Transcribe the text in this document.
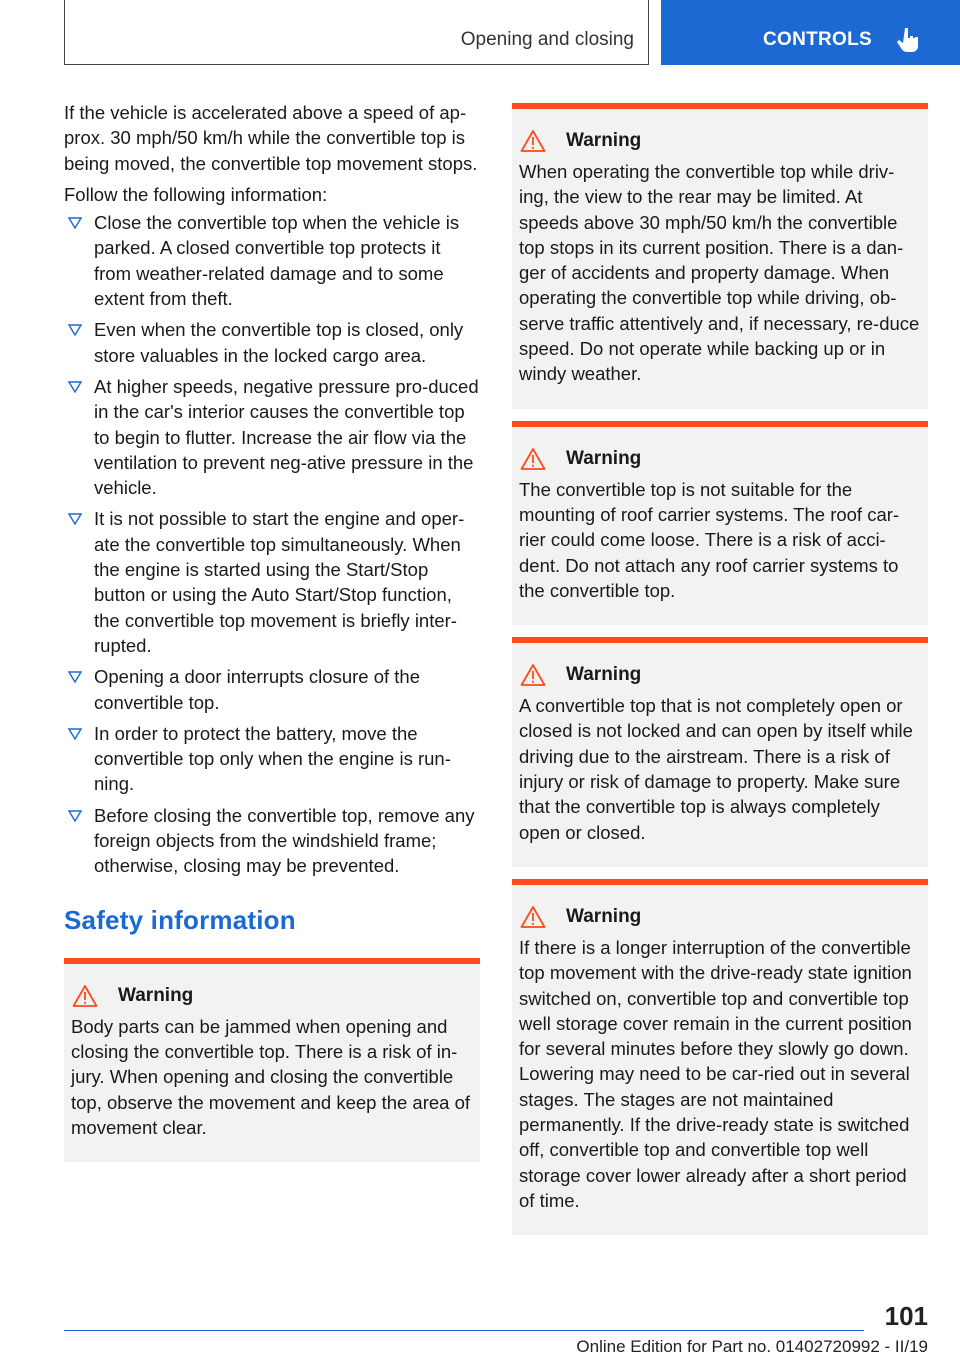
Opening and closing	CONTROLS

If the vehicle is accelerated above a speed of ap‐prox. 30 mph/50 km/h while the convertible top is being moved, the convertible top movement stops.

Follow the following information:

Close the convertible top when the vehicle is parked. A closed convertible top protects it from weather-related damage and to some extent from theft.
Even when the convertible top is closed, only store valuables in the locked cargo area.
At higher speeds, negative pressure pro‐duced in the car's interior causes the convertible top to begin to flutter. Increase the air flow via the ventilation to prevent neg‐ative pressure in the vehicle.
It is not possible to start the engine and oper‐ate the convertible top simultaneously. When the engine is started using the Start/Stop button or using the Auto Start/Stop function, the convertible top movement is briefly inter‐rupted.
Opening a door interrupts closure of the convertible top.
In order to protect the battery, move the convertible top only when the engine is run‐ning.
Before closing the convertible top, remove any foreign objects from the windshield frame; otherwise, closing may be prevented.
Safety information
Warning

Body parts can be jammed when opening and closing the convertible top. There is a risk of in‐jury. When opening and closing the convertible top, observe the movement and keep the area of movement clear.

Warning

When operating the convertible top while driv‐ing, the view to the rear may be limited. At speeds above 30 mph/50 km/h the convertible top stops in its current position. There is a dan‐ger of accidents and property damage. When operating the convertible top while driving, ob‐serve traffic attentively and, if necessary, re‐duce speed. Do not operate while backing up or in windy weather.

Warning

The convertible top is not suitable for the mounting of roof carrier systems. The roof car‐rier could come loose. There is a risk of acci‐dent. Do not attach any roof carrier systems to the convertible top.

Warning

A convertible top that is not completely open or closed is not locked and can open by itself while driving due to the airstream. There is a risk of injury or risk of damage to property. Make sure that the convertible top is always completely open or closed.

Warning

If there is a longer interruption of the convertible top movement with the drive-ready state ignition switched on, convertible top and convertible top well storage cover remain in the current position for several minutes before they slowly go down. Lowering may need to be car‐ried out in several stages. The stages are not maintained permanently. If the drive-ready state is switched off, convertible top and convertible top well storage cover lower already after a short period of time.

101
Online Edition for Part no. 01402720992 - II/19
